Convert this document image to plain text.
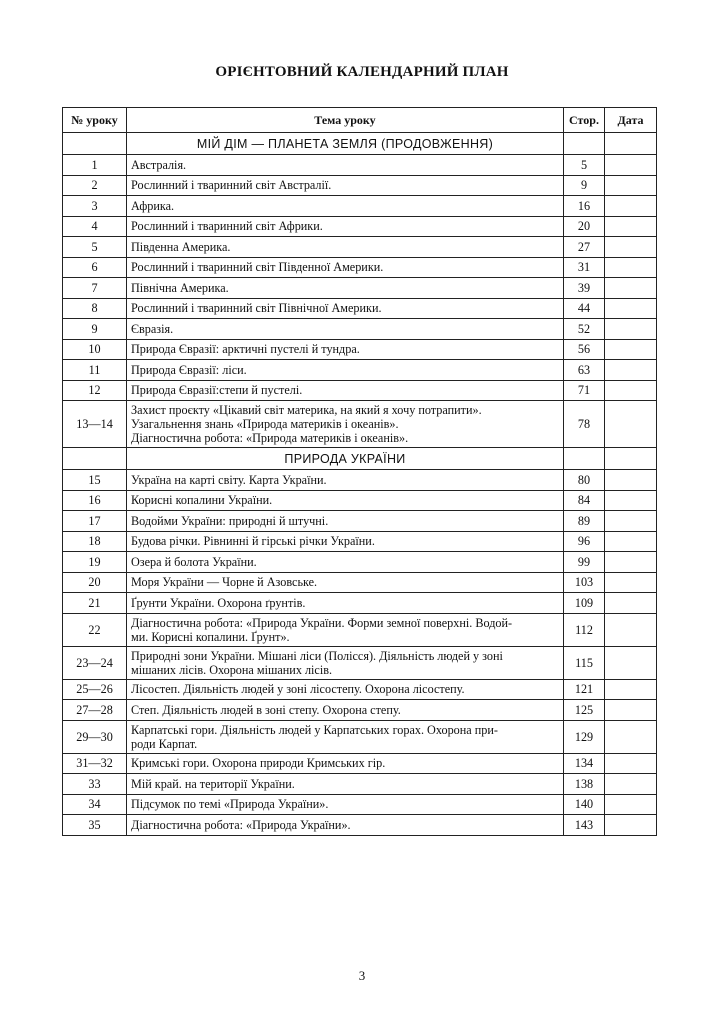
ОРІЄНТОВНИЙ КАЛЕНДАРНИЙ ПЛАН
№ уроку	Тема уроку	Стор.	Дата
	МІЙ ДІМ — ПЛАНЕТА ЗЕМЛЯ (ПРОДОВЖЕННЯ)		
1	Австралія.	5	
2	Рослинний і тваринний світ Австралії.	9	
3	Африка.	16	
4	Рослинний і тваринний світ Африки.	20	
5	Південна Америка.	27	
6	Рослинний і тваринний світ Південної Америки.	31	
7	Північна Америка.	39	
8	Рослинний і тваринний світ Північної Америки.	44	
9	Євразія.	52	
10	Природа Євразії: арктичні пустелі й тундра.	56	
11	Природа Євразії: ліси.	63	
12	Природа Євразії:степи й пустелі.	71	
13—14	Захист проєкту «Цікавий світ материка, на який я хочу потрапити».
Узагальнення знань «Природа материків і океанів».
Діагностична робота: «Природа материків і океанів».	78	
	ПРИРОДА УКРАЇНИ		
15	Україна на карті світу. Карта України.	80	
16	Корисні копалини України.	84	
17	Водойми України: природні й штучні.	89	
18	Будова річки. Рівнинні й гірські річки України.	96	
19	Озера й болота України.	99	
20	Моря України — Чорне й Азовське.	103	
21	Ґрунти України. Охорона ґрунтів.	109	
22	Діагностична робота: «Природа України. Форми земної поверхні. Водой-
ми. Корисні копалини. Ґрунт».	112	
23—24	Природні зони України. Мішані ліси (Полісся). Діяльність людей у зоні
мішаних лісів. Охорона мішаних лісів.	115	
25—26	Лісостеп. Діяльність людей у зоні лісостепу. Охорона лісостепу.	121	
27—28	Степ. Діяльність людей в зоні степу. Охорона степу.	125	
29—30	Карпатські гори. Діяльність людей у Карпатських горах. Охорона при-
роди Карпат.	129	
31—32	Кримські гори. Охорона природи Кримських гір.	134	
33	Мій край. на території України.	138	
34	Підсумок по темі «Природа України».	140	
35	Діагностична робота: «Природа України».	143	
3
